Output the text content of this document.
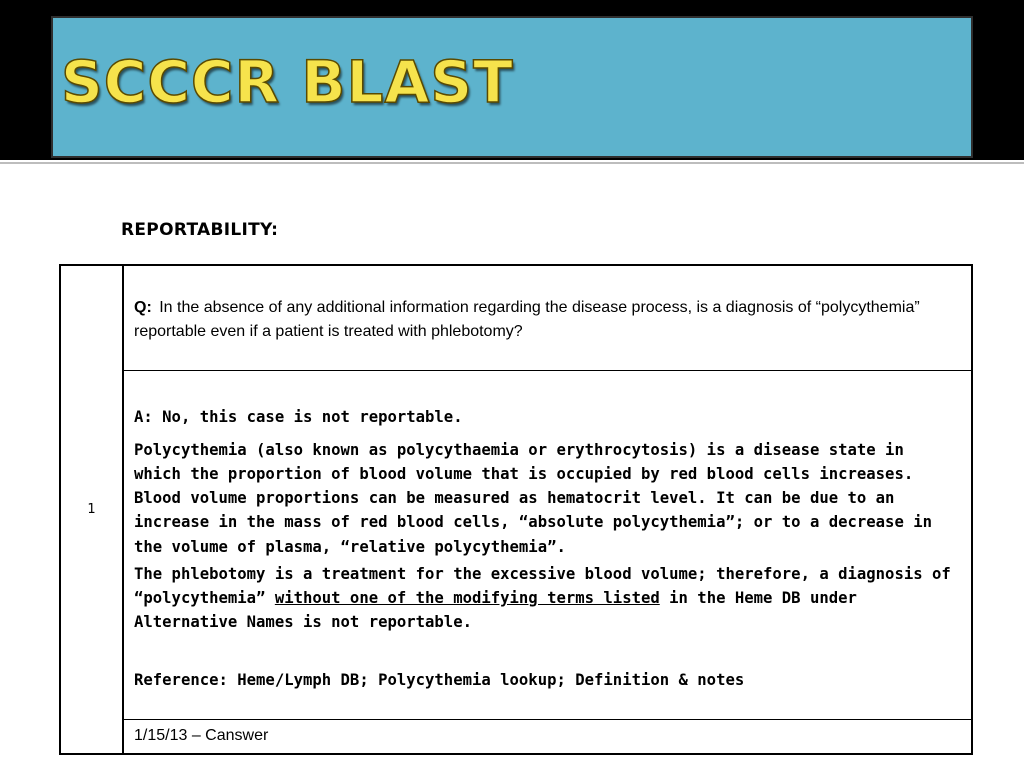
SCCCR BLAST
REPORTABILITY:
1	Q: In the absence of any additional information regarding the disease process, is a diagnosis of “polycythemia” reportable even if a patient is treated with phlebotomy?

A: No, this case is not reportable.
Polycythemia (also known as polycythaemia or erythrocytosis) is a disease state in which the proportion of blood volume that is occupied by red blood cells increases. Blood volume proportions can be measured as hematocrit level. It can be due to an increase in the mass of red blood cells, “absolute polycythemia”; or to a decrease in the volume of plasma, “relative polycythemia”.
The phlebotomy is a treatment for the excessive blood volume; therefore, a diagnosis of “polycythemia” without one of the modifying terms listed in the Heme DB under Alternative Names is not reportable.
Reference: Heme/Lymph DB; Polycythemia lookup; Definition & notes

1/15/13 – Canswer
